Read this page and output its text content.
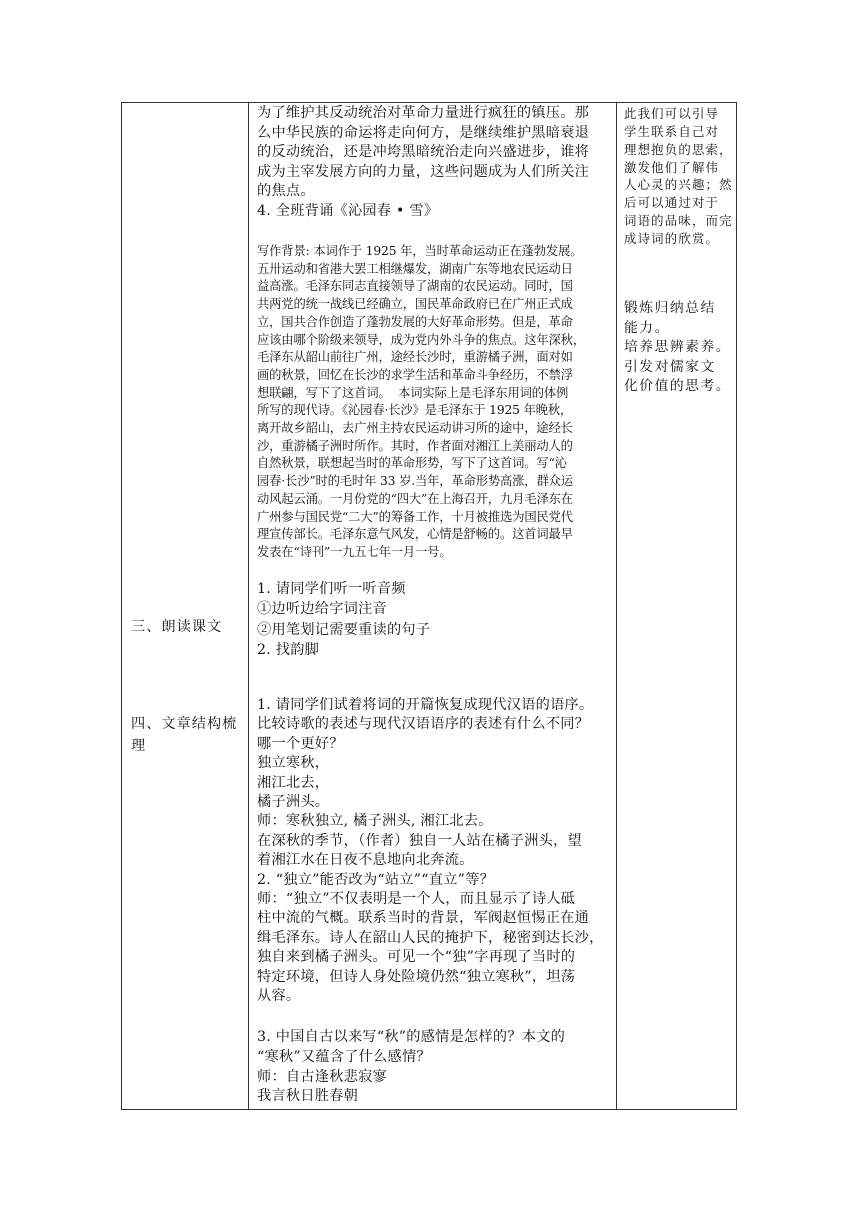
三、朗读课文

四、文章结构梳理

为了维护其反动统治对革命力量进行疯狂的镇压。那

么中华民族的命运将走向何方，是继续维护黑暗衰退

的反动统治，还是冲垮黑暗统治走向兴盛进步，谁将

成为主宰发展方向的力量，这些问题成为人们所关注

的焦点。

4. 全班背诵《沁园春 • 雪》

写作背景: 本词作于 1925 年，当时革命运动正在蓬勃发展。

五卅运动和省港大罢工相继爆发，湖南广东等地农民运动日

益高涨。毛泽东同志直接领导了湖南的农民运动。同时，国

共两党的统一战线已经确立，国民革命政府已在广州正式成

立，国共合作创造了蓬勃发展的大好革命形势。但是，革命

应该由哪个阶级来领导，成为党内外斗争的焦点。这年深秋，

毛泽东从韶山前往广州，途经长沙时，重游橘子洲，面对如

画的秋景，回忆在长沙的求学生活和革命斗争经历，不禁浮

想联翩，写下了这首词。  本词实际上是毛泽东用词的体例

所写的现代诗。《沁园春·长沙》是毛泽东于 1925 年晚秋，

离开故乡韶山，去广州主持农民运动讲习所的途中，途经长

沙，重游橘子洲时所作。其时，作者面对湘江上美丽动人的

自然秋景，联想起当时的革命形势，写下了这首词。写“沁

园春·长沙”时的毛时年 33 岁.当年，革命形势高涨，群众运

动风起云涌。一月份党的“四大”在上海召开，九月毛泽东在

广州参与国民党“二大”的筹备工作，十月被推选为国民党代

理宣传部长。毛泽东意气风发，心情是舒畅的。这首词最早

发表在“诗刊”一九五七年一月一号。

1. 请同学们听一听音频

①边听边给字词注音

②用笔划记需要重读的句子

2. 找韵脚

1. 请同学们试着将词的开篇恢复成现代汉语的语序。

比较诗歌的表述与现代汉语语序的表述有什么不同？

哪一个更好？

独立寒秋，

湘江北去，

橘子洲头。

师：寒秋独立, 橘子洲头, 湘江北去。

在深秋的季节，（作者）独自一人站在橘子洲头，望

着湘江水在日夜不息地向北奔流。

2. “独立”能否改为“站立”“直立”等？

师：“独立”不仅表明是一个人，而且显示了诗人砥

柱中流的气概。联系当时的背景，军阀赵恒惕正在通

缉毛泽东。诗人在韶山人民的掩护下，秘密到达长沙，

独自来到橘子洲头。可见一个“独”字再现了当时的

特定环境，但诗人身处险境仍然“独立寒秋”，坦荡

从容。

3. 中国自古以来写“秋”的感情是怎样的？本文的

“寒秋”又蕴含了什么感情？

师：自古逢秋悲寂寥

我言秋日胜春朝

此我们可以引导

学生联系自己对

理想抱负的思索，

激发他们了解伟

人心灵的兴趣；然

后可以通过对于

词语的品味，而完

成诗词的欣赏。

锻炼归纳总结

能力。

培养思辨素养。

引发对儒家文

化价值的思考。
